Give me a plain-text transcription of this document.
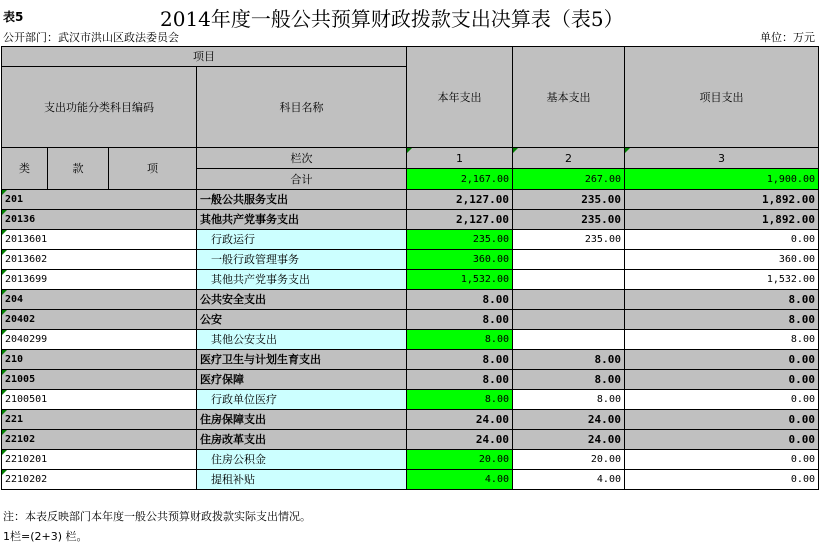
表5	2014年度一般公共预算财政拨款支出决算表（表5）
公开部门：武汉市洪山区政法委员会	单位：万元
项目				本年支出	基本支出	项目支出
支出功能分类科目编码			科目名称			

类	款	项	栏次	1	2	3
			合计	2,167.00	267.00	1,900.00
201			一般公共服务支出	2,127.00	235.00	1,892.00
20136			其他共产党事务支出	2,127.00	235.00	1,892.00
2013601			行政运行	235.00	235.00	0.00
2013602			一般行政管理事务	360.00		360.00
2013699			其他共产党事务支出	1,532.00		1,532.00
204			公共安全支出	8.00		8.00
20402			公安	8.00		8.00
2040299			其他公安支出	8.00		8.00
210			医疗卫生与计划生育支出	8.00	8.00	0.00
21005			医疗保障	8.00	8.00	0.00
2100501			行政单位医疗	8.00	8.00	0.00
221			住房保障支出	24.00	24.00	0.00
22102			住房改革支出	24.00	24.00	0.00
2210201			住房公积金	20.00	20.00	0.00
2210202			提租补贴	4.00	4.00	0.00
注：本表反映部门本年度一般公共预算财政拨款实际支出情况。
1栏=(2+3) 栏。
